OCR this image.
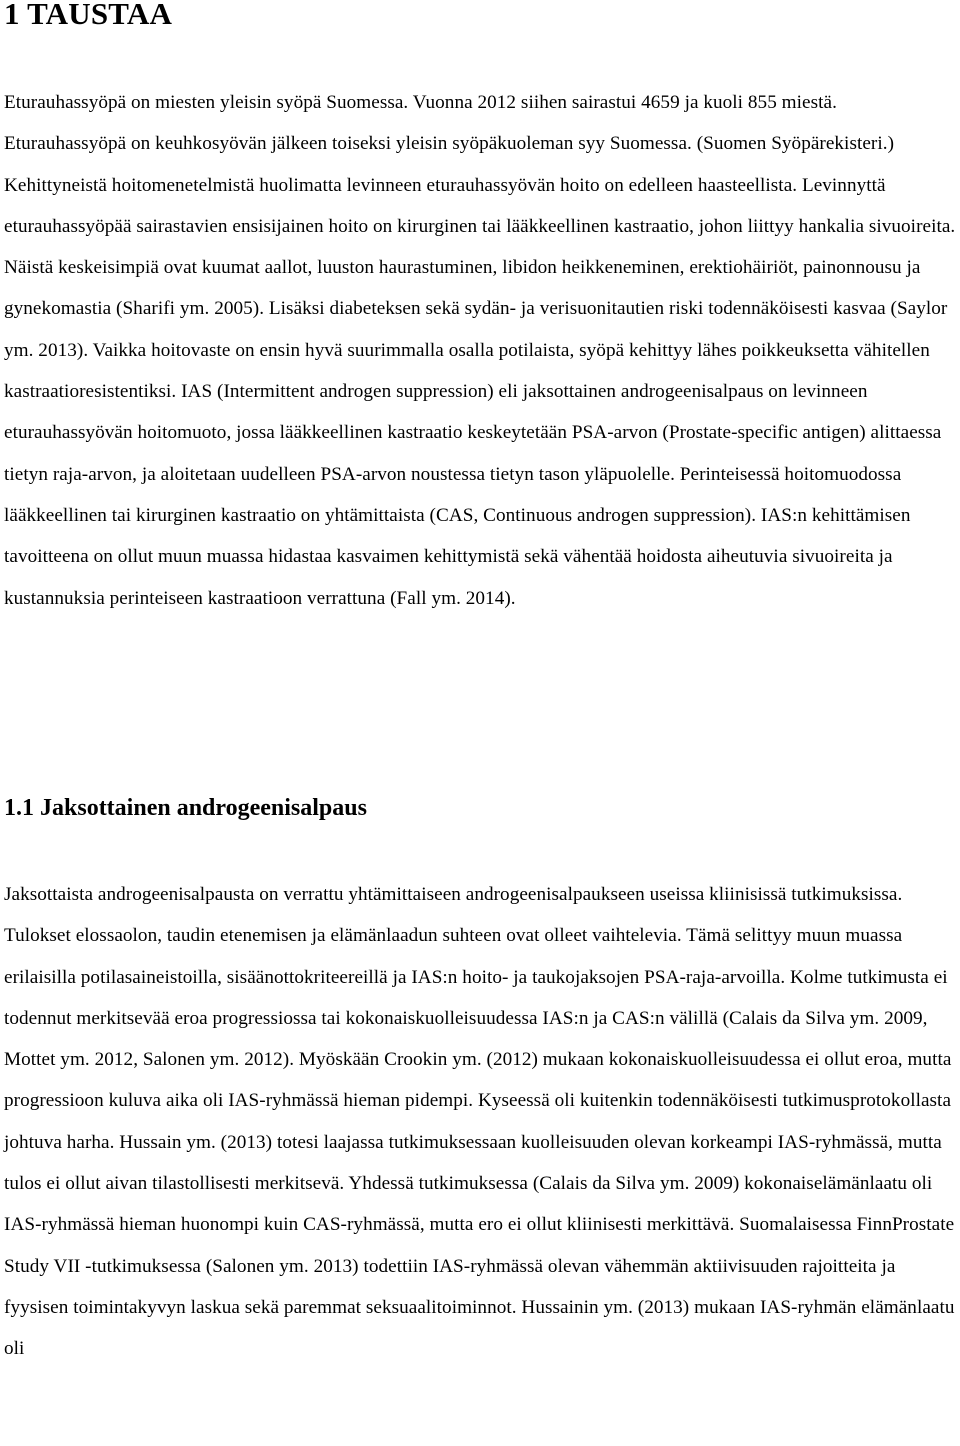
1 TAUSTAA

Eturauhassyöpä on miesten yleisin syöpä Suomessa. Vuonna 2012 siihen sairastui 4659 ja kuoli 855 miestä. Eturauhassyöpä on keuhkosyövän jälkeen toiseksi yleisin syöpäkuoleman syy Suomessa. (Suomen Syöpärekisteri.) Kehittyneistä hoitomenetelmistä huolimatta levinneen eturauhassyövän hoito on edelleen haasteellista. Levinnyttä eturauhassyöpää sairastavien ensisijainen hoito on kirurginen tai lääkkeellinen kastraatio, johon liittyy hankalia sivuoireita. Näistä keskeisimpiä ovat kuumat aallot, luuston haurastuminen, libidon heikkeneminen, erektiohäiriöt, painonnousu ja gynekomastia (Sharifi ym. 2005). Lisäksi diabeteksen sekä sydän- ja verisuonitautien riski todennäköisesti kasvaa (Saylor ym. 2013). Vaikka hoitovaste on ensin hyvä suurimmalla osalla potilaista, syöpä kehittyy lähes poikkeuksetta vähitellen kastraatioresistentiksi. IAS (Intermittent androgen suppression) eli jaksottainen androgeenisalpaus on levinneen eturauhassyövän hoitomuoto, jossa lääkkeellinen kastraatio keskeytetään PSA-arvon (Prostate-specific antigen) alittaessa tietyn raja-arvon, ja aloitetaan uudelleen PSA-arvon noustessa tietyn tason yläpuolelle. Perinteisessä hoitomuodossa lääkkeellinen tai kirurginen kastraatio on yhtämittaista (CAS, Continuous androgen suppression). IAS:n kehittämisen tavoitteena on ollut muun muassa hidastaa kasvaimen kehittymistä sekä vähentää hoidosta aiheutuvia sivuoireita ja kustannuksia perinteiseen kastraatioon verrattuna (Fall ym. 2014).

1.1 Jaksottainen androgeenisalpaus

Jaksottaista androgeenisalpausta on verrattu yhtämittaiseen androgeenisalpaukseen useissa kliinisissä tutkimuksissa. Tulokset elossaolon, taudin etenemisen ja elämänlaadun suhteen ovat olleet vaihtelevia. Tämä selittyy muun muassa erilaisilla potilasaineistoilla, sisäänottokriteereillä ja IAS:n hoito- ja taukojaksojen PSA-raja-arvoilla. Kolme tutkimusta ei todennut merkitsevää eroa progressiossa tai kokonaiskuolleisuudessa IAS:n ja CAS:n välillä (Calais da Silva ym. 2009, Mottet ym. 2012, Salonen ym. 2012). Myöskään Crookin ym. (2012) mukaan kokonaiskuolleisuudessa ei ollut eroa, mutta progressioon kuluva aika oli IAS-ryhmässä hieman pidempi. Kyseessä oli kuitenkin todennäköisesti tutkimusprotokollasta johtuva harha. Hussain ym. (2013) totesi laajassa tutkimuksessaan kuolleisuuden olevan korkeampi IAS-ryhmässä, mutta tulos ei ollut aivan tilastollisesti merkitsevä. Yhdessä tutkimuksessa (Calais da Silva ym. 2009) kokonaiselämänlaatu oli IAS-ryhmässä hieman huonompi kuin CAS-ryhmässä, mutta ero ei ollut kliinisesti merkittävä. Suomalaisessa FinnProstate Study VII -tutkimuksessa (Salonen ym. 2013) todettiin IAS-ryhmässä olevan vähemmän aktiivisuuden rajoitteita ja fyysisen toimintakyvyn laskua sekä paremmat seksuaalitoiminnot. Hussainin ym. (2013) mukaan IAS-ryhmän elämänlaatu oli
